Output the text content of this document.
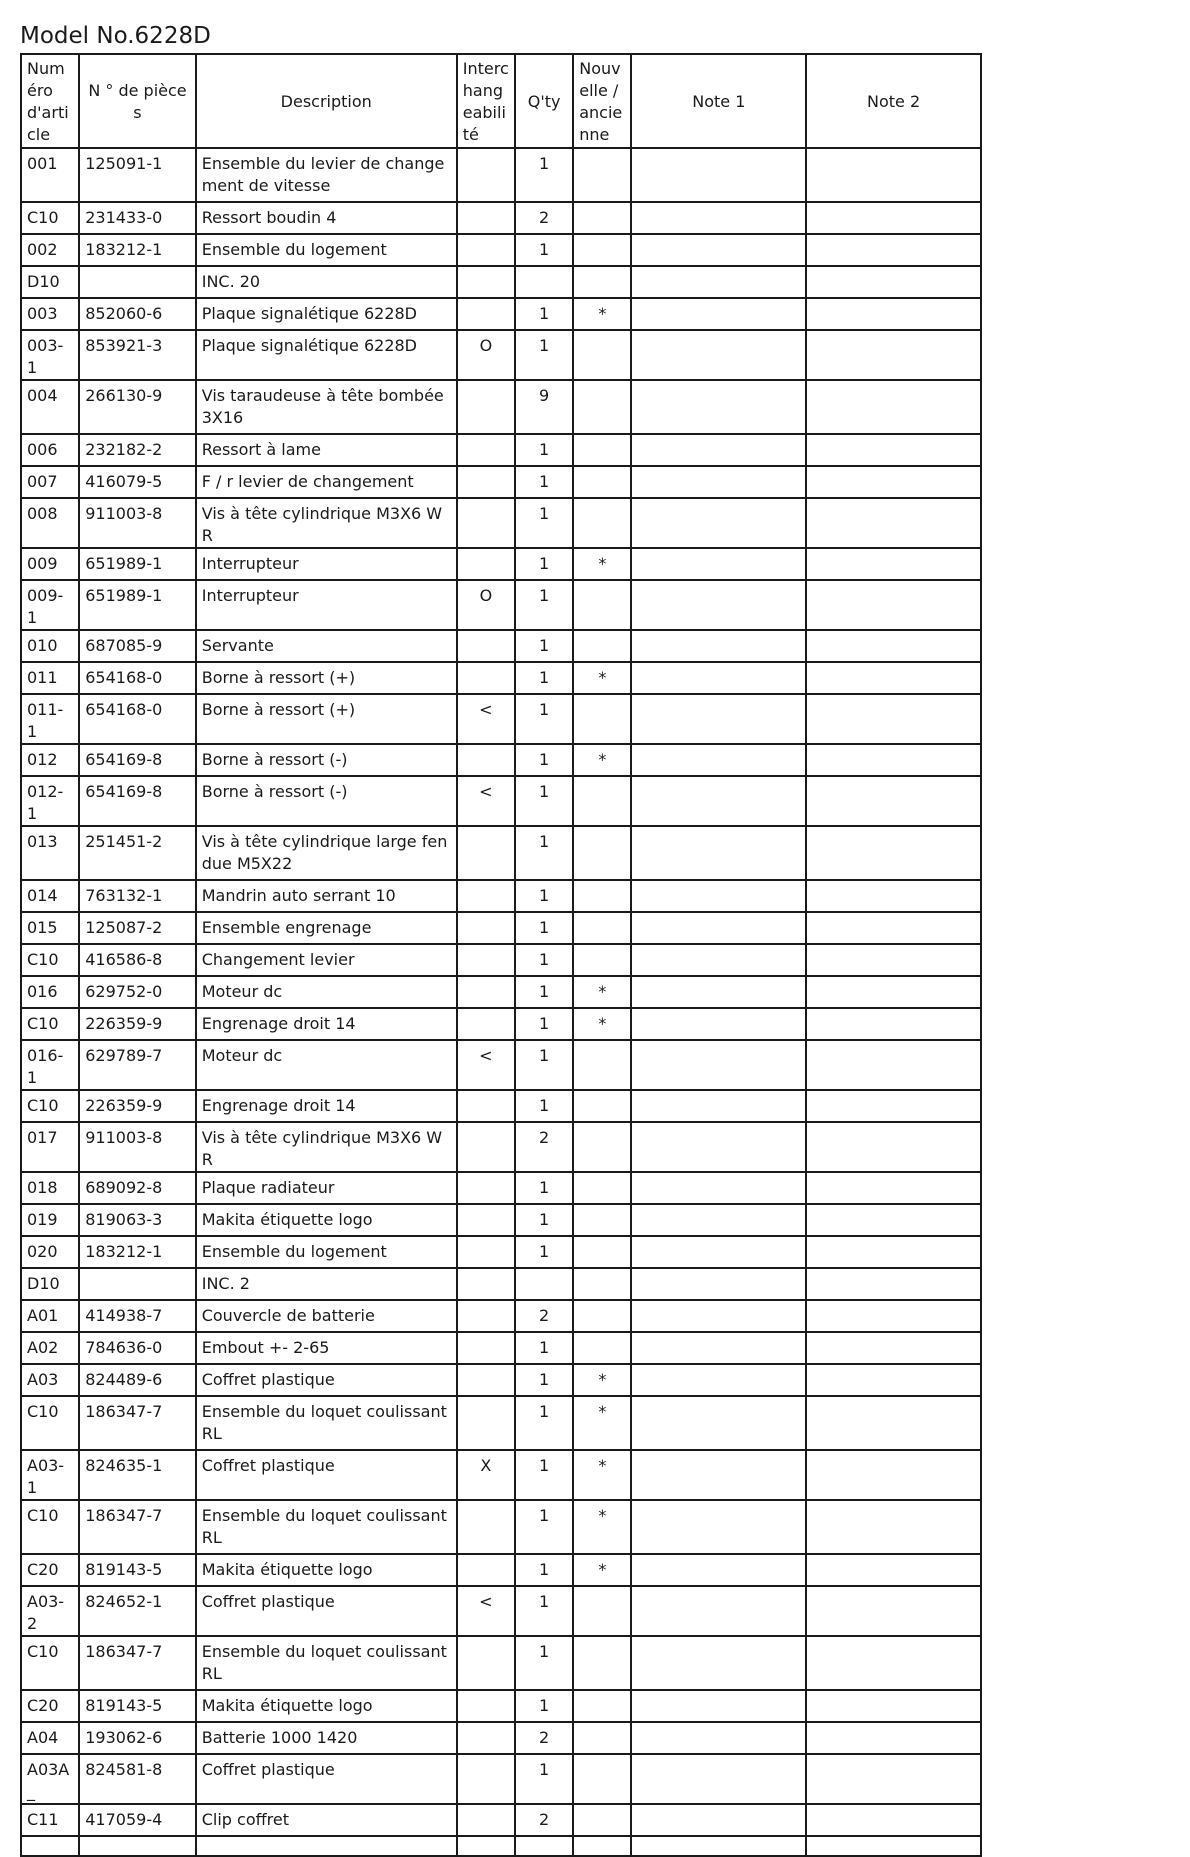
Model No.6228D
Numéro d'article	N ° de pièces	Description	Interchangeabilité	Q'ty	Nouvelle / ancienne	Note 1	Note 2
001	125091-1	Ensemble du levier de changement de vitesse		1			
C10	231433-0	Ressort boudin 4		2			
002	183212-1	Ensemble du logement		1			
D10		INC. 20					
003	852060-6	Plaque signalétique 6228D		1	*		
003-1	853921-3	Plaque signalétique 6228D	O	1			
004	266130-9	Vis taraudeuse à tête bombée 3X16		9			
006	232182-2	Ressort à lame		1			
007	416079-5	F / r levier de changement		1			
008	911003-8	Vis à tête cylindrique M3X6 WR		1			
009	651989-1	Interrupteur		1	*		
009-1	651989-1	Interrupteur	O	1			
010	687085-9	Servante		1			
011	654168-0	Borne à ressort (+)		1	*		
011-1	654168-0	Borne à ressort (+)	<	1			
012	654169-8	Borne à ressort (-)		1	*		
012-1	654169-8	Borne à ressort (-)	<	1			
013	251451-2	Vis à tête cylindrique large fendue M5X22		1			
014	763132-1	Mandrin auto serrant 10		1			
015	125087-2	Ensemble engrenage		1			
C10	416586-8	Changement levier		1			
016	629752-0	Moteur dc		1	*		
C10	226359-9	Engrenage droit 14		1	*		
016-1	629789-7	Moteur dc	<	1			
C10	226359-9	Engrenage droit 14		1			
017	911003-8	Vis à tête cylindrique M3X6 WR		2			
018	689092-8	Plaque radiateur		1			
019	819063-3	Makita étiquette logo		1			
020	183212-1	Ensemble du logement		1			
D10		INC. 2					
A01	414938-7	Couvercle de batterie		2			
A02	784636-0	Embout +- 2-65		1			
A03	824489-6	Coffret plastique		1	*		
C10	186347-7	Ensemble du loquet coulissant RL		1	*		
A03-1	824635-1	Coffret plastique	X	1	*		
C10	186347-7	Ensemble du loquet coulissant RL		1	*		
C20	819143-5	Makita étiquette logo		1	*		
A03-2	824652-1	Coffret plastique	<	1			
C10	186347-7	Ensemble du loquet coulissant RL		1			
C20	819143-5	Makita étiquette logo		1			
A04	193062-6	Batterie 1000 1420		2			
A03A_	824581-8	Coffret plastique		1			
C11	417059-4	Clip coffret		2			
